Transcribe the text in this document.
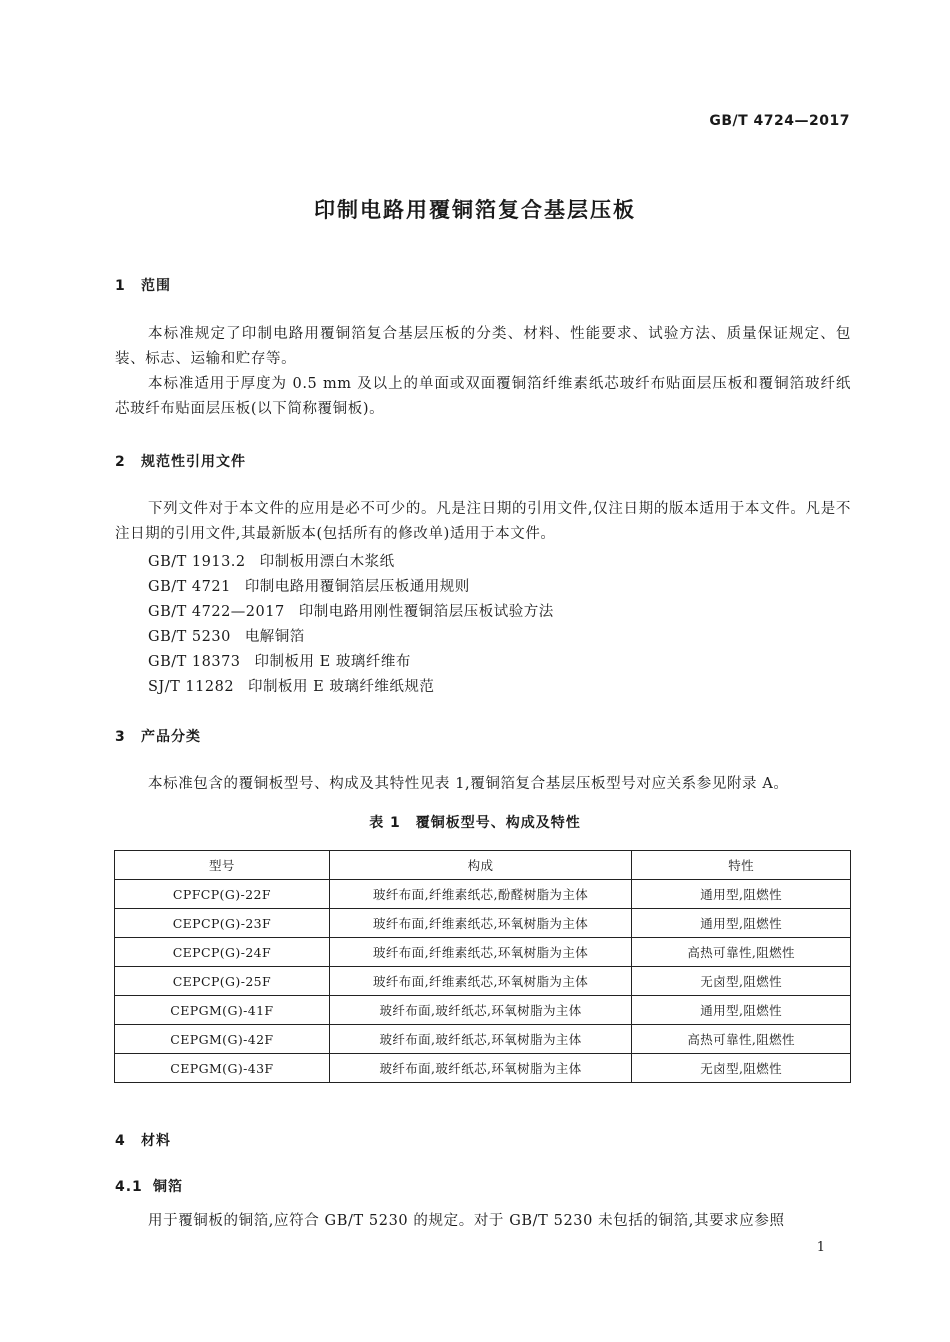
GB/T 4724—2017
印制电路用覆铜箔复合基层压板
1 范围
本标准规定了印制电路用覆铜箔复合基层压板的分类、材料、性能要求、试验方法、质量保证规定、包装、标志、运输和贮存等。
本标准适用于厚度为 0.5 mm 及以上的单面或双面覆铜箔纤维素纸芯玻纤布贴面层压板和覆铜箔玻纤纸芯玻纤布贴面层压板(以下简称覆铜板)。
2 规范性引用文件
下列文件对于本文件的应用是必不可少的。凡是注日期的引用文件,仅注日期的版本适用于本文件。凡是不注日期的引用文件,其最新版本(包括所有的修改单)适用于本文件。
GB/T 1913.2 印制板用漂白木浆纸
GB/T 4721 印制电路用覆铜箔层压板通用规则
GB/T 4722—2017 印制电路用刚性覆铜箔层压板试验方法
GB/T 5230 电解铜箔
GB/T 18373 印制板用 E 玻璃纤维布
SJ/T 11282 印制板用 E 玻璃纤维纸规范
3 产品分类
本标准包含的覆铜板型号、构成及其特性见表 1,覆铜箔复合基层压板型号对应关系参见附录 A。
表 1　覆铜板型号、构成及特性
型号	构成	特性
CPFCP(G)-22F	玻纤布面,纤维素纸芯,酚醛树脂为主体	通用型,阻燃性
CEPCP(G)-23F	玻纤布面,纤维素纸芯,环氧树脂为主体	通用型,阻燃性
CEPCP(G)-24F	玻纤布面,纤维素纸芯,环氧树脂为主体	高热可靠性,阻燃性
CEPCP(G)-25F	玻纤布面,纤维素纸芯,环氧树脂为主体	无卤型,阻燃性
CEPGM(G)-41F	玻纤布面,玻纤纸芯,环氧树脂为主体	通用型,阻燃性
CEPGM(G)-42F	玻纤布面,玻纤纸芯,环氧树脂为主体	高热可靠性,阻燃性
CEPGM(G)-43F	玻纤布面,玻纤纸芯,环氧树脂为主体	无卤型,阻燃性
4 材料
4.1 铜箔
用于覆铜板的铜箔,应符合 GB/T 5230 的规定。对于 GB/T 5230 未包括的铜箔,其要求应参照
1
